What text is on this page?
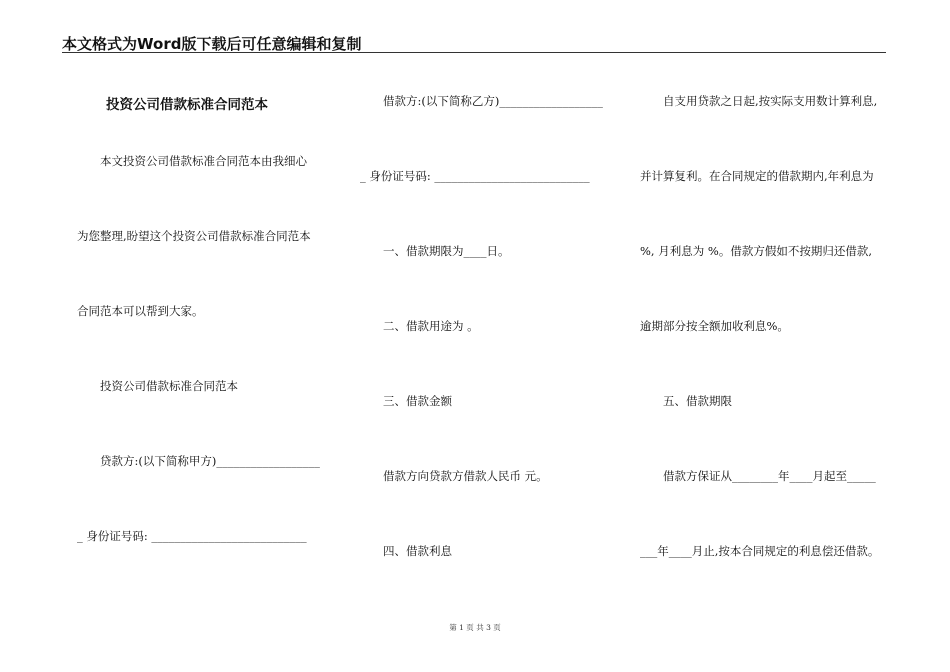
本文格式为Word版下载后可任意编辑和复制
投资公司借款标准合同范本
本文投资公司借款标准合同范本由我细心
为您整理,盼望这个投资公司借款标准合同范本
合同范本可以帮到大家。
投资公司借款标准合同范本
贷款方:(以下简称甲方)__________________
_ 身份证号码: ___________________________
借款方:(以下简称乙方)__________________
_ 身份证号码: ___________________________
一、借款期限为____日。
二、借款用途为 。
三、借款金额
借款方向贷款方借款人民币 元。
四、借款利息
自支用贷款之日起,按实际支用数计算利息,
并计算复利。在合同规定的借款期内,年利息为
%, 月利息为 %。借款方假如不按期归还借款,
逾期部分按全额加收利息%。
五、借款期限
借款方保证从________年____月起至_____
___年____月止,按本合同规定的利息偿还借款。
第 1 页 共 3 页
